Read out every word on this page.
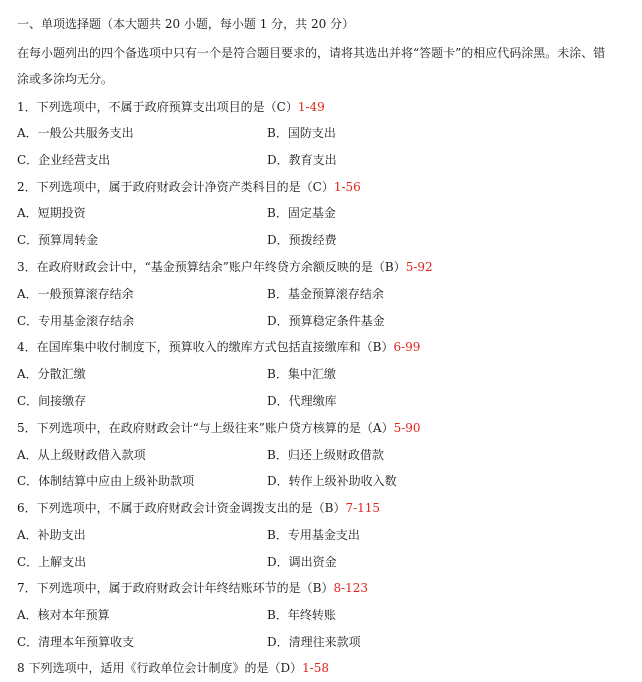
一、单项选择题（本大题共 20 小题，每小题 1 分，共 20 分）
在每小题列出的四个备选项中只有一个是符合题目要求的，请将其选出并将“答题卡”的相应代码涂黑。未涂、错
涂或多涂均无分。
1．下列选项中，不属于政府预算支出项目的是（C）1-49
A．一般公共服务支出	B．国防支出
C．企业经营支出	D．教育支出
2．下列选项中，属于政府财政会计净资产类科目的是（C）1-56
A．短期投资	B．固定基金
C．预算周转金	D．预拨经费
3．在政府财政会计中，“基金预算结余”账户年终贷方余额反映的是（B）5-92
A．一般预算滚存结余	B．基金预算滚存结余
C．专用基金滚存结余	D．预算稳定条件基金
4．在国库集中收付制度下，预算收入的缴库方式包括直接缴库和（B）6-99
A．分散汇缴	B．集中汇缴
C．间接缴存	D．代理缴库
5．下列选项中，在政府财政会计“与上级往来”账户贷方核算的是（A）5-90
A．从上级财政借入款项	B．归还上级财政借款
C．体制结算中应由上级补助款项	D．转作上级补助收入数
6．下列选项中，不属于政府财政会计资金调拨支出的是（B）7-115
A．补助支出	B．专用基金支出
C．上解支出	D．调出资金
7．下列选项中，属于政府财政会计年终结账环节的是（B）8-123
A．核对本年预算	B．年终转账
C．清理本年预算收支	D．清理往来款项
8 下列选项中，适用《行政单位会计制度》的是（D）1-58
